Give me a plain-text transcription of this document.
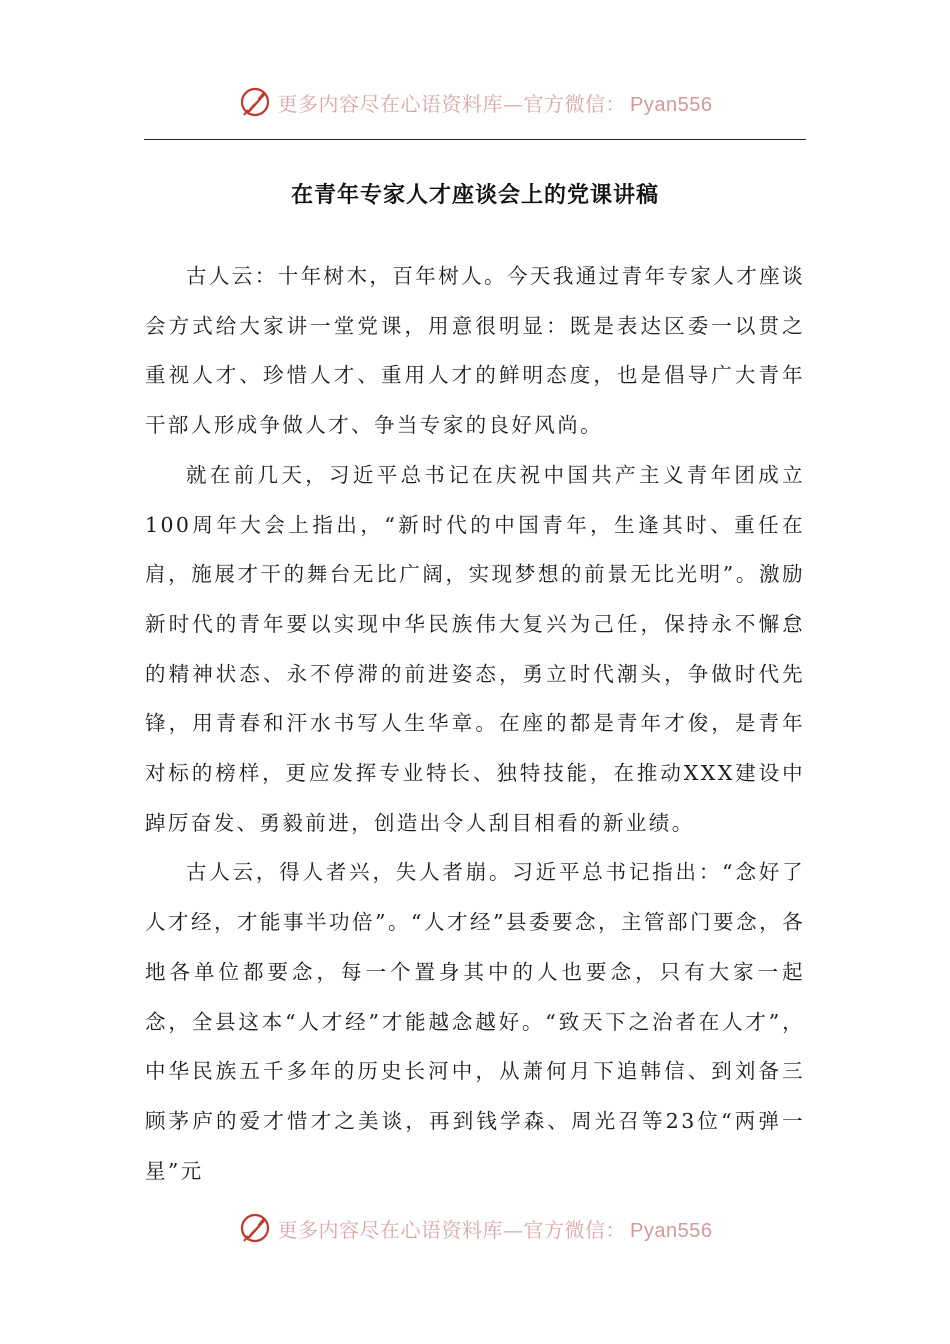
更多内容尽在心语资料库—官方微信： Pyan556
在青年专家人才座谈会上的党课讲稿

古人云：十年树木，百年树人。今天我通过青年专家人才座谈会方式给大家讲一堂党课，用意很明显：既是表达区委一以贯之重视人才、珍惜人才、重用人才的鲜明态度，也是倡导广大青年干部人形成争做人才、争当专家的良好风尚。

就在前几天，习近平总书记在庆祝中国共产主义青年团成立100周年大会上指出，“新时代的中国青年，生逢其时、重任在肩，施展才干的舞台无比广阔，实现梦想的前景无比光明”。激励新时代的青年要以实现中华民族伟大复兴为己任，保持永不懈怠的精神状态、永不停滞的前进姿态，勇立时代潮头，争做时代先锋，用青春和汗水书写人生华章。在座的都是青年才俊，是青年对标的榜样，更应发挥专业特长、独特技能，在推动XXX建设中踔厉奋发、勇毅前进，创造出令人刮目相看的新业绩。

古人云，得人者兴，失人者崩。习近平总书记指出：“念好了人才经，才能事半功倍”。“人才经”县委要念，主管部门要念，各地各单位都要念，每一个置身其中的人也要念，只有大家一起念，全县这本“人才经”才能越念越好。“致天下之治者在人才”，中华民族五千多年的历史长河中，从萧何月下追韩信、到刘备三顾茅庐的爱才惜才之美谈，再到钱学森、周光召等23位“两弹一星”元

更多内容尽在心语资料库—官方微信： Pyan556
